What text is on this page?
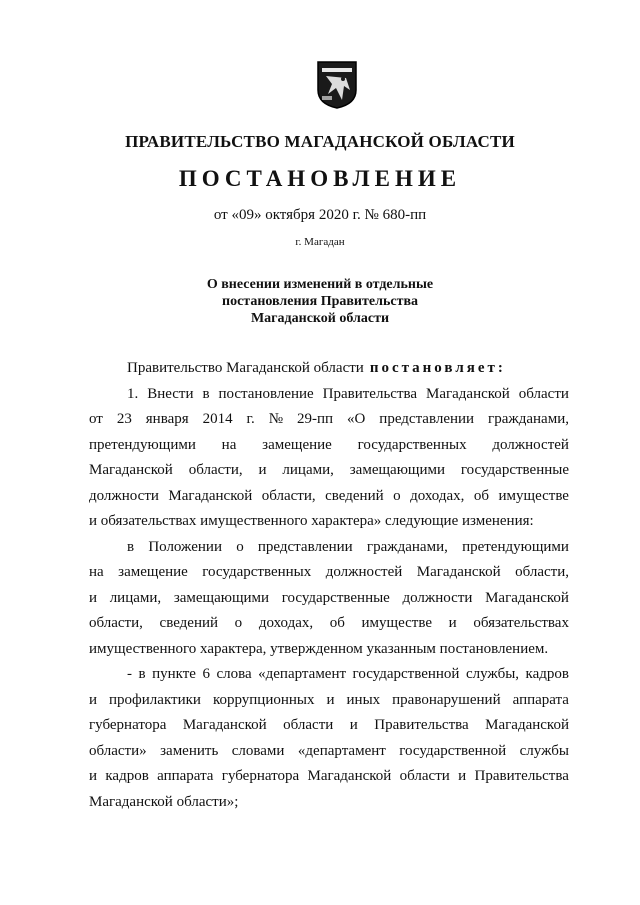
ПРАВИТЕЛЬСТВО МАГАДАНСКОЙ ОБЛАСТИ
ПОСТАНОВЛЕНИЕ
от «09» октября 2020 г. № 680-пп
г. Магадан
О внесении изменений в отдельные
постановления Правительства
Магаданской области
Правительство Магаданской области постановляет:
1. Внести в постановление Правительства Магаданской области
от 23 января 2014 г. № 29-пп «О представлении гражданами,
претендующими на замещение государственных должностей
Магаданской области, и лицами, замещающими государственные
должности Магаданской области, сведений о доходах, об имуществе
и обязательствах имущественного характера» следующие изменения:
в Положении о представлении гражданами, претендующими
на замещение государственных должностей Магаданской области,
и лицами, замещающими государственные должности Магаданской
области, сведений о доходах, об имуществе и обязательствах
имущественного характера, утвержденном указанным постановлением.
- в пункте 6 слова «департамент государственной службы, кадров
и профилактики коррупционных и иных правонарушений аппарата
губернатора Магаданской области и Правительства Магаданской
области» заменить словами «департамент государственной службы
и кадров аппарата губернатора Магаданской области и Правительства
Магаданской области»;
